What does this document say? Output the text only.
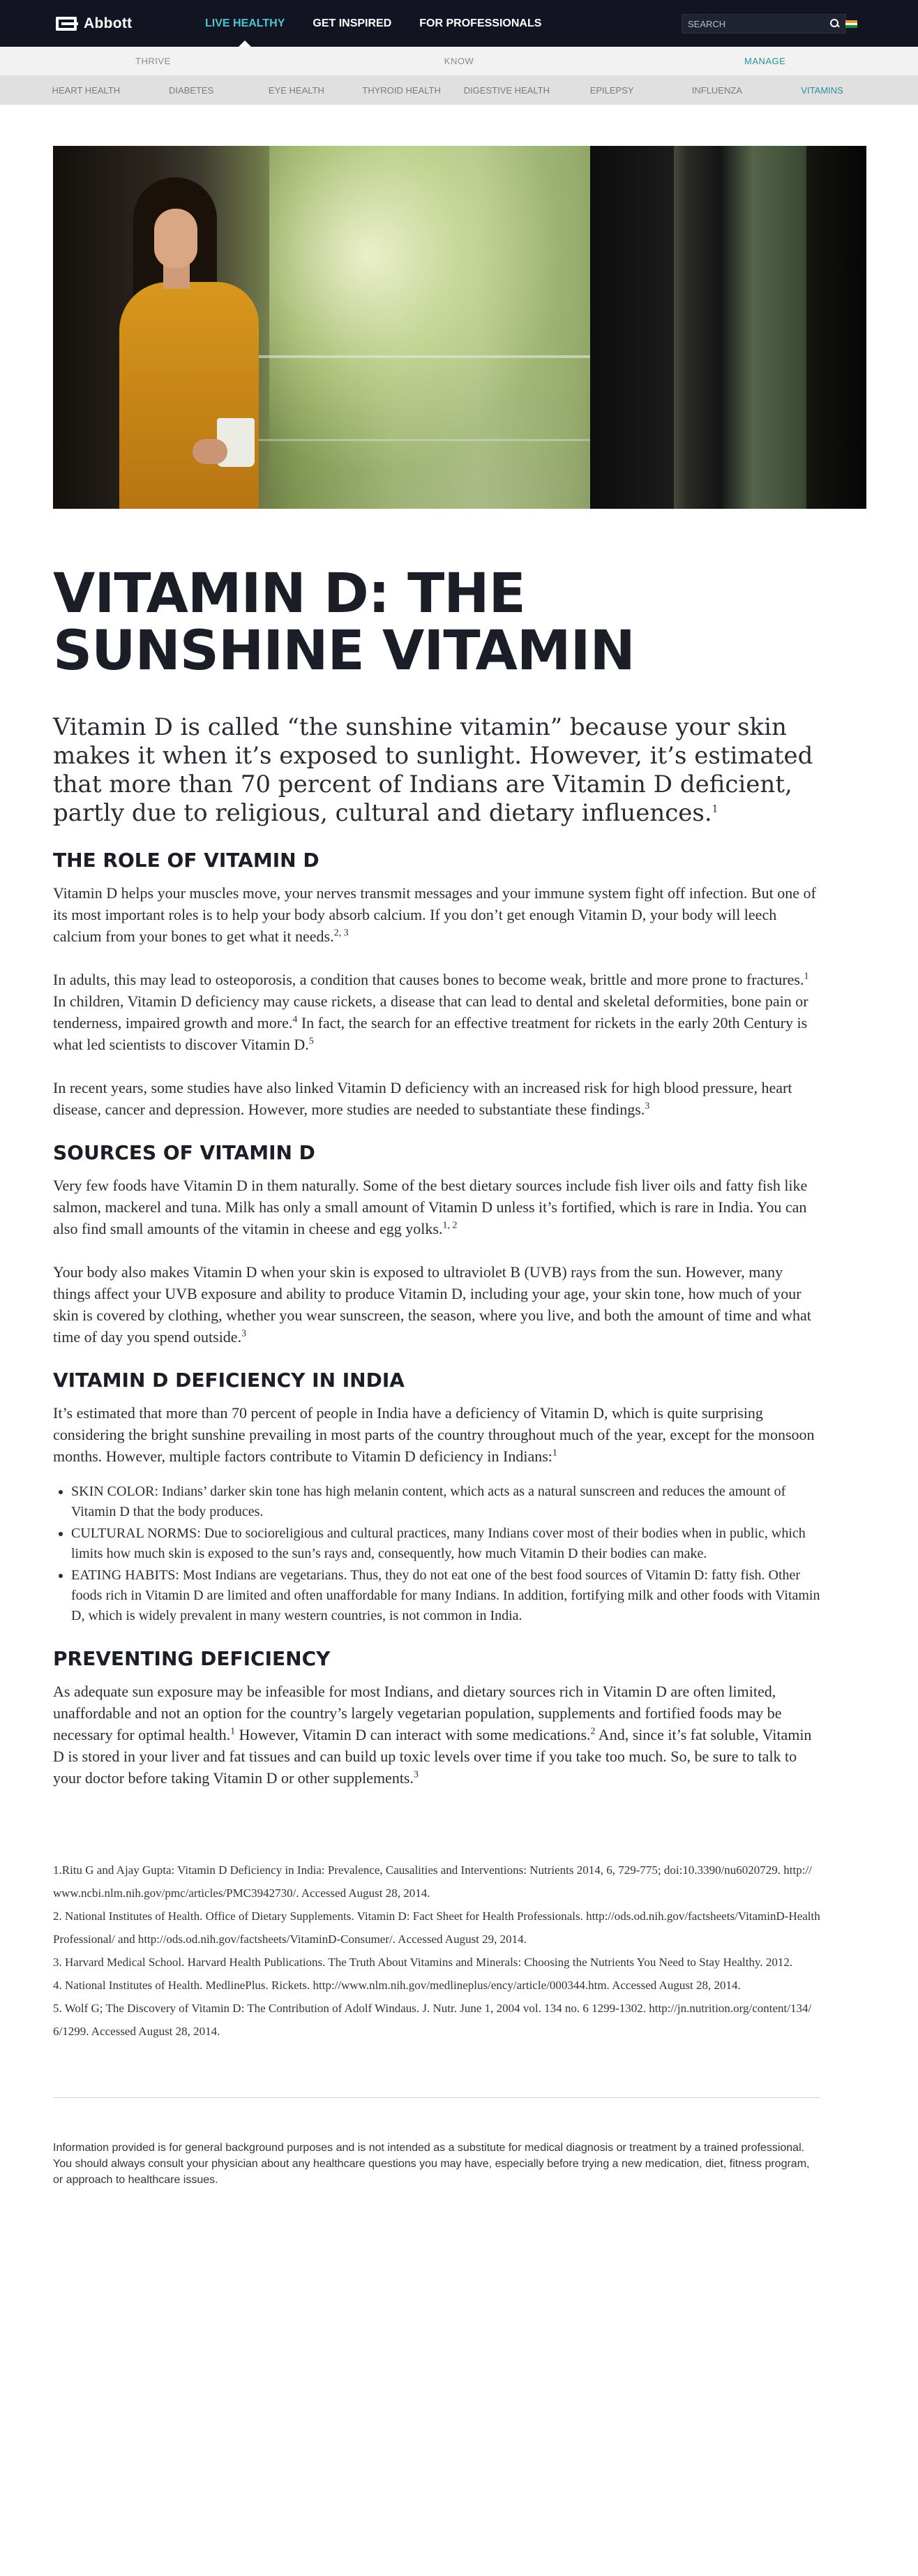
Abbott	LIVE HEALTHY	GET INSPIRED	FOR PROFESSIONALS
SEARCH
THRIVE	KNOW	MANAGE
HEART HEALTH	DIABETES	EYE HEALTH	THYROID HEALTH	DIGESTIVE HEALTH	EPILEPSY	INFLUENZA	VITAMINS
VITAMIN D: THE SUNSHINE VITAMIN

Vitamin D is called “the sunshine vitamin” because your skin makes it when it’s exposed to sunlight. However, it’s estimated that more than 70 percent of Indians are Vitamin D deficient, partly due to religious, cultural and dietary influences.$^1$

THE ROLE OF VITAMIN D

Vitamin D helps your muscles move, your nerves transmit messages and your immune system fight off infection. But one of its most important roles is to help your body absorb calcium. If you don’t get enough Vitamin D, your body will leech calcium from your bones to get what it needs.$^{2, 3}$

In adults, this may lead to osteoporosis, a condition that causes bones to become weak, brittle and more prone to fractures.$^1$ In children, Vitamin D deficiency may cause rickets, a disease that can lead to dental and skeletal deformities, bone pain or tenderness, impaired growth and more.$^4$ In fact, the search for an effective treatment for rickets in the early 20th Century is what led scientists to discover Vitamin D.$^5$

In recent years, some studies have also linked Vitamin D deficiency with an increased risk for high blood pressure, heart disease, cancer and depression. However, more studies are needed to substantiate these findings.$^3$

SOURCES OF VITAMIN D

Very few foods have Vitamin D in them naturally. Some of the best dietary sources include fish liver oils and fatty fish like salmon, mackerel and tuna. Milk has only a small amount of Vitamin D unless it’s fortified, which is rare in India. You can also find small amounts of the vitamin in cheese and egg yolks.$^{1, 2}$

Your body also makes Vitamin D when your skin is exposed to ultraviolet B (UVB) rays from the sun. However, many things affect your UVB exposure and ability to produce Vitamin D, including your age, your skin tone, how much of your skin is covered by clothing, whether you wear sunscreen, the season, where you live, and both the amount of time and what time of day you spend outside.$^3$

VITAMIN D DEFICIENCY IN INDIA

It’s estimated that more than 70 percent of people in India have a deficiency of Vitamin D, which is quite surprising considering the bright sunshine prevailing in most parts of the country throughout much of the year, except for the monsoon months. However, multiple factors contribute to Vitamin D deficiency in Indians:$^1$

• SKIN COLOR: Indians’ darker skin tone has high melanin content, which acts as a natural sunscreen and reduces the amount of Vitamin D that the body produces.
• CULTURAL NORMS: Due to socioreligious and cultural practices, many Indians cover most of their bodies when in public, which limits how much skin is exposed to the sun’s rays and, consequently, how much Vitamin D their bodies can make.
• EATING HABITS: Most Indians are vegetarians. Thus, they do not eat one of the best food sources of Vitamin D: fatty fish. Other foods rich in Vitamin D are limited and often unaffordable for many Indians. In addition, fortifying milk and other foods with Vitamin D, which is widely prevalent in many western countries, is not common in India.
PREVENTING DEFICIENCY

As adequate sun exposure may be infeasible for most Indians, and dietary sources rich in Vitamin D are often limited, unaffordable and not an option for the country’s largely vegetarian population, supplements and fortified foods may be necessary for optimal health.$^1$ However, Vitamin D can interact with some medications.$^2$ And, since it’s fat soluble, Vitamin D is stored in your liver and fat tissues and can build up toxic levels over time if you take too much. So, be sure to talk to your doctor before taking Vitamin D or other supplements.$^3$

1.Ritu G and Ajay Gupta: Vitamin D Deficiency in India: Prevalence, Causalities and Interventions: Nutrients 2014, 6, 729-775; doi:10.3390/nu6020729. http://www.ncbi.nlm.nih.gov/pmc/articles/PMC3942730/. Accessed August 28, 2014.

2. National Institutes of Health. Office of Dietary Supplements. Vitamin D: Fact Sheet for Health Professionals. http://ods.od.nih.gov/factsheets/VitaminD-HealthProfessional/ and http://ods.od.nih.gov/factsheets/VitaminD-Consumer/. Accessed August 29, 2014.

3. Harvard Medical School. Harvard Health Publications. The Truth About Vitamins and Minerals: Choosing the Nutrients You Need to Stay Healthy. 2012.

4. National Institutes of Health. MedlinePlus. Rickets. http://www.nlm.nih.gov/medlineplus/ency/article/000344.htm. Accessed August 28, 2014.

5. Wolf G; The Discovery of Vitamin D: The Contribution of Adolf Windaus. J. Nutr. June 1, 2004 vol. 134 no. 6 1299-1302. http://jn.nutrition.org/content/134/6/1299. Accessed August 28, 2014.

Information provided is for general background purposes and is not intended as a substitute for medical diagnosis or treatment by a trained professional. You should always consult your physician about any healthcare questions you may have, especially before trying a new medication, diet, fitness program, or approach to healthcare issues.
